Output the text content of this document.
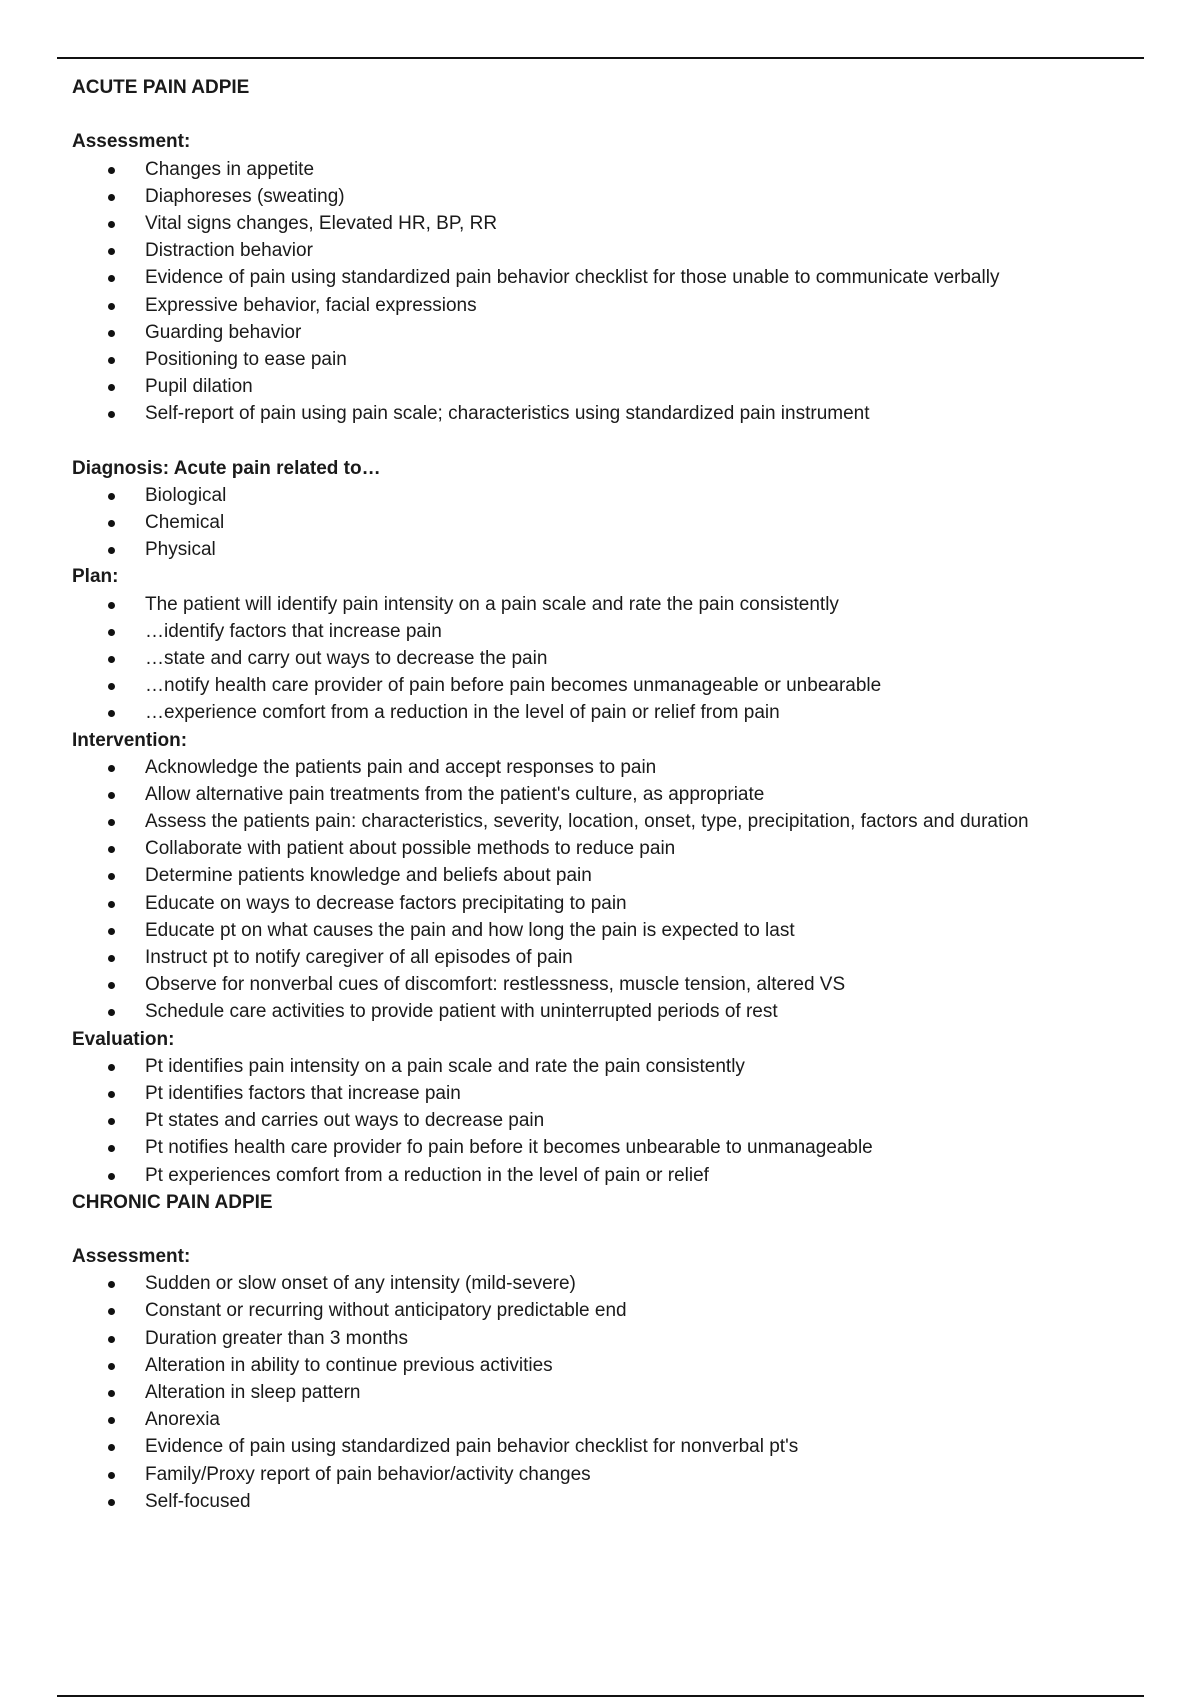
ACUTE PAIN ADPIE
Assessment:
Changes in appetite
Diaphoreses (sweating)
Vital signs changes, Elevated HR, BP, RR
Distraction behavior
Evidence of pain using standardized pain behavior checklist for those unable to communicate verbally
Expressive behavior, facial expressions
Guarding behavior
Positioning to ease pain
Pupil dilation
Self-report of pain using pain scale; characteristics using standardized pain instrument
Diagnosis: Acute pain related to…
Biological
Chemical
Physical
Plan:
The patient will identify pain intensity on a pain scale and rate the pain consistently
…identify factors that increase pain
…state and carry out ways to decrease the pain
…notify health care provider of pain before pain becomes unmanageable or unbearable
…experience comfort from a reduction in the level of pain or relief from pain
Intervention:
Acknowledge the patients pain and accept responses to pain
Allow alternative pain treatments from the patient's culture, as appropriate
Assess the patients pain: characteristics, severity, location, onset, type, precipitation, factors and duration
Collaborate with patient about possible methods to reduce pain
Determine patients knowledge and beliefs about pain
Educate on ways to decrease factors precipitating to pain
Educate pt on what causes the pain and how long the pain is expected to last
Instruct pt to notify caregiver of all episodes of pain
Observe for nonverbal cues of discomfort: restlessness, muscle tension, altered VS
Schedule care activities to provide patient with uninterrupted periods of rest
Evaluation:
Pt identifies pain intensity on a pain scale and rate the pain consistently
Pt identifies factors that increase pain
Pt states and carries out ways to decrease pain
Pt notifies health care provider fo pain before it becomes unbearable to unmanageable
Pt experiences comfort from a reduction in the level of pain or relief
CHRONIC PAIN ADPIE
Assessment:
Sudden or slow onset of any intensity (mild-severe)
Constant or recurring without anticipatory predictable end
Duration greater than 3 months
Alteration in ability to continue previous activities
Alteration in sleep pattern
Anorexia
Evidence of pain using standardized pain behavior checklist for nonverbal pt's
Family/Proxy report of pain behavior/activity changes
Self-focused
